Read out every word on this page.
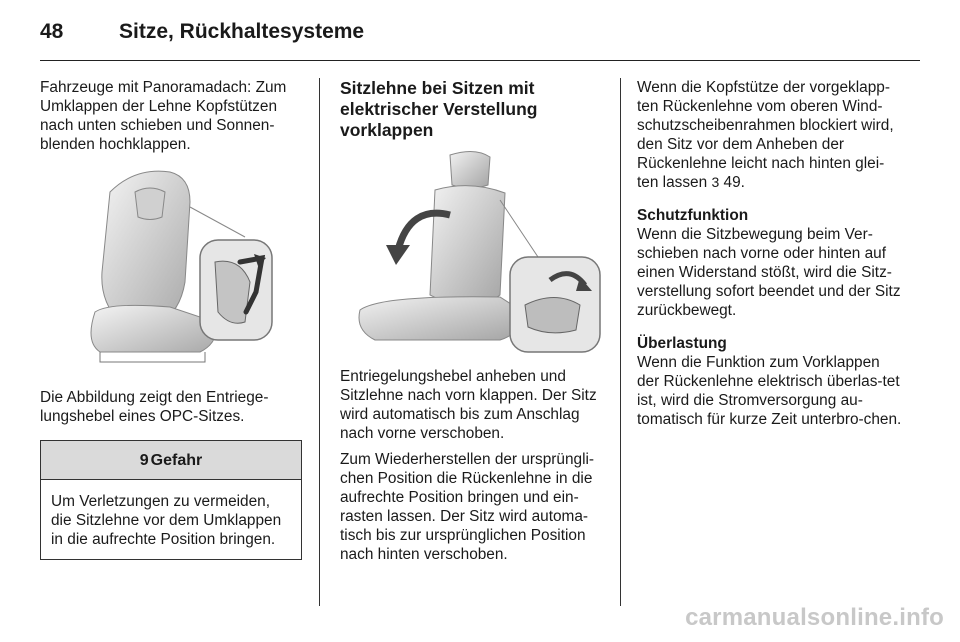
48	Sitze, Rückhaltesysteme

Fahrzeuge mit Panoramadach: Zum Umklappen der Lehne Kopfstützen nach unten schieben und Sonnen-blenden hochklappen.

Die Abbildung zeigt den Entriege-lungshebel eines OPC-Sitzes.

9 Gefahr
Um Verletzungen zu vermeiden, die Sitzlehne vor dem Umklappen in die aufrechte Position bringen.
Sitzlehne bei Sitzen mit elektrischer Verstellung vorklappen

Entriegelungshebel anheben und Sitzlehne nach vorn klappen. Der Sitz wird automatisch bis zum Anschlag nach vorne verschoben.

Zum Wiederherstellen der ursprüngli-chen Position die Rückenlehne in die aufrechte Position bringen und ein-rasten lassen. Der Sitz wird automa-tisch bis zur ursprünglichen Position nach hinten verschoben.

Wenn die Kopfstütze der vorgeklapp-ten Rückenlehne vom oberen Wind-schutzscheibenrahmen blockiert wird, den Sitz vor dem Anheben der Rückenlehne leicht nach hinten glei-ten lassen 3 49.

Schutzfunktion

Wenn die Sitzbewegung beim Ver-schieben nach vorne oder hinten auf einen Widerstand stößt, wird die Sitz-verstellung sofort beendet und der Sitz zurückbewegt.

Überlastung

Wenn die Funktion zum Vorklappen der Rückenlehne elektrisch überlas-tet ist, wird die Stromversorgung au-tomatisch für kurze Zeit unterbro-chen.

carmanualsonline.info
